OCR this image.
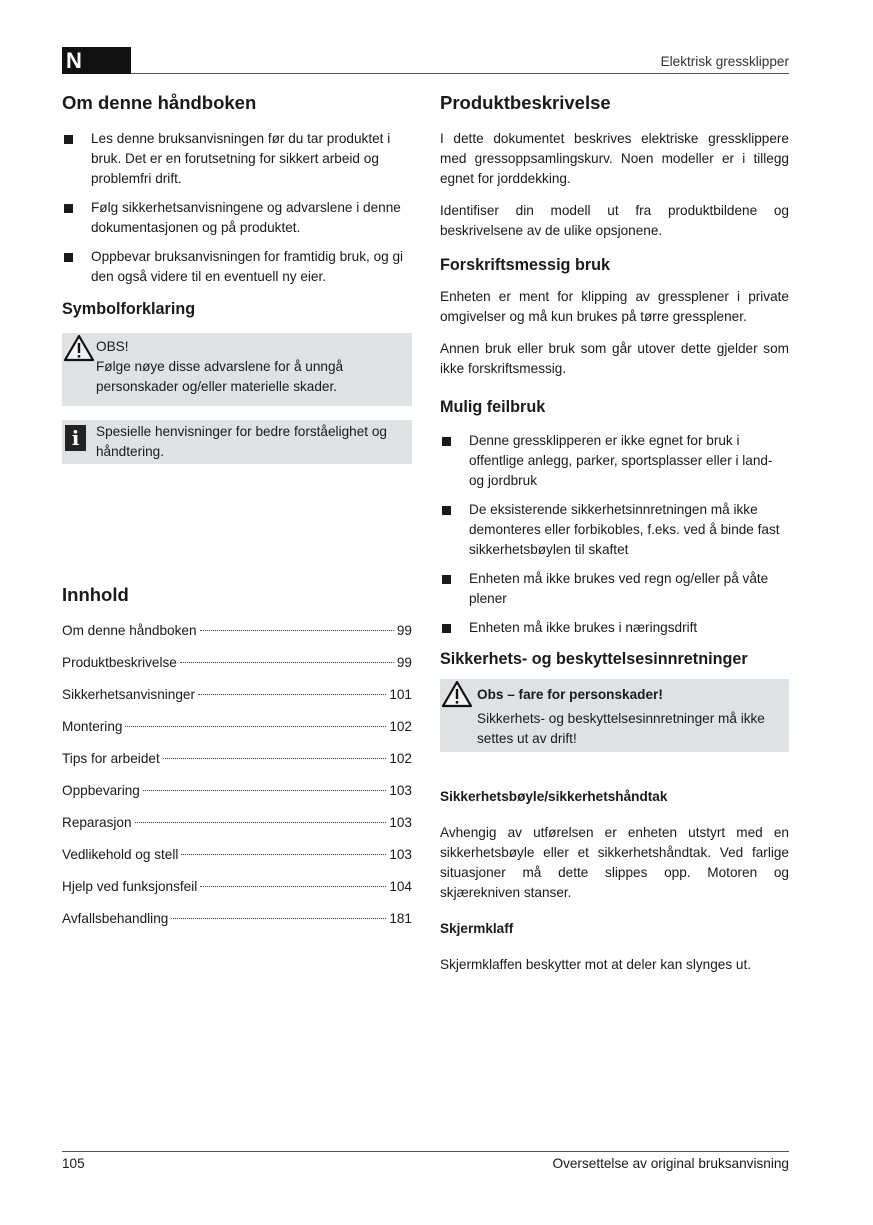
N	Elektrisk gressklipper
Om denne håndboken
Les denne bruksanvisningen før du tar produktet i bruk. Det er en forutsetning for sikkert arbeid og problemfri drift.
Følg sikkerhetsanvisningene og advarslene i denne dokumentasjonen og på produktet.
Oppbevar bruksanvisningen for framtidig bruk, og gi den også videre til en eventuell ny eier.
Symbolforklaring
OBS!
Følge nøye disse advarslene for å unngå personskader og/eller materielle skader.
i	Spesielle henvisninger for bedre forståelighet og håndtering.
Innhold
Om denne håndboken	99
Produktbeskrivelse	99
Sikkerhetsanvisninger	101
Montering	102
Tips for arbeidet	102
Oppbevaring	103
Reparasjon	103
Vedlikehold og stell	103
Hjelp ved funksjonsfeil	104
Avfallsbehandling	181
Produktbeskrivelse

I dette dokumentet beskrives elektriske gressklippere med gressoppsamlingskurv. Noen modeller er i tillegg egnet for jorddekking.

Identifiser din modell ut fra produktbildene og beskrivelsene av de ulike opsjonene.

Forskriftsmessig bruk

Enheten er ment for klipping av gressplener i private omgivelser og må kun brukes på tørre gressplener.

Annen bruk eller bruk som går utover dette gjelder som ikke forskriftsmessig.

Mulig feilbruk
Denne gressklipperen er ikke egnet for bruk i offentlige anlegg, parker, sportsplasser eller i land- og jordbruk
De eksisterende sikkerhetsinnretningen må ikke demonteres eller forbikobles, f.eks. ved å binde fast sikkerhetsbøylen til skaftet
Enheten må ikke brukes ved regn og/eller på våte plener
Enheten må ikke brukes i næringsdrift
Sikkerhets- og beskyttelsesinnretninger
Obs – fare for personskader!
Sikkerhets- og beskyttelsesinnretninger må ikke settes ut av drift!
Sikkerhetsbøyle/sikkerhetshåndtak

Avhengig av utførelsen er enheten utstyrt med en sikkerhetsbøyle eller et sikkerhetshåndtak. Ved farlige situasjoner må dette slippes opp. Motoren og skjærekniven stanser.

Skjermklaff

Skjermklaffen beskytter mot at deler kan slynges ut.

105	Oversettelse av original bruksanvisning
